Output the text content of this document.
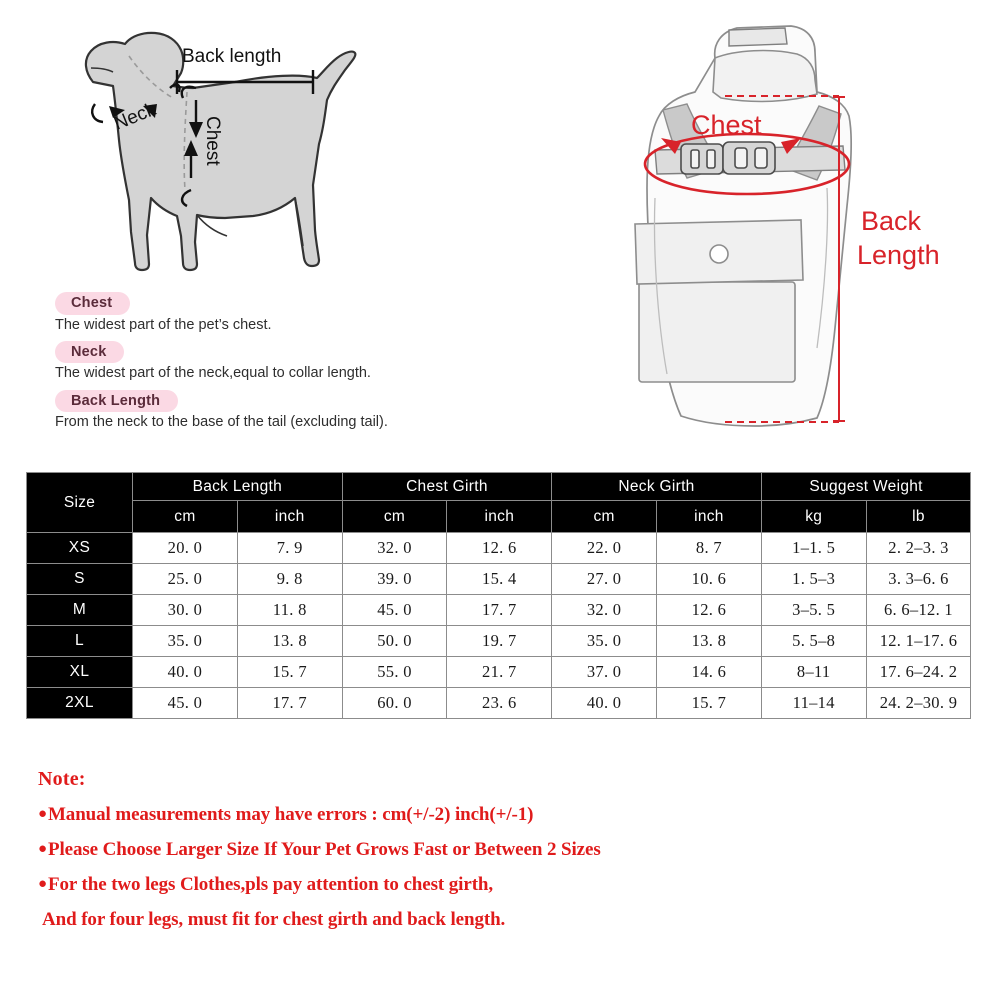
Back length
Neck Chest	Chest
Back
Length
Chest
The widest part of the pet’s chest.
Neck
The widest part of the neck,equal to collar length.
Back Length
From the neck to the base of the tail (excluding tail).
Size	Back Length		Chest Girth		Neck Girth		Suggest Weight	
	cm	inch	cm	inch	cm	inch	kg	lb
XS	20. 0	7. 9	32. 0	12. 6	22. 0	8. 7	1–1. 5	2. 2–3. 3
S	25. 0	9. 8	39. 0	15. 4	27. 0	10. 6	1. 5–3	3. 3–6. 6
M	30. 0	11. 8	45. 0	17. 7	32. 0	12. 6	3–5. 5	6. 6–12. 1
L	35. 0	13. 8	50. 0	19. 7	35. 0	13. 8	5. 5–8	12. 1–17. 6
XL	40. 0	15. 7	55. 0	21. 7	37. 0	14. 6	8–11	17. 6–24. 2
2XL	45. 0	17. 7	60. 0	23. 6	40. 0	15. 7	11–14	24. 2–30. 9
Note:
●Manual measurements may have errors : cm(+/-2) inch(+/-1)
●Please Choose Larger Size If Your Pet Grows Fast or Between 2 Sizes
●For the two legs Clothes,pls pay attention to chest girth,
And for four legs, must fit for chest girth and back length.
